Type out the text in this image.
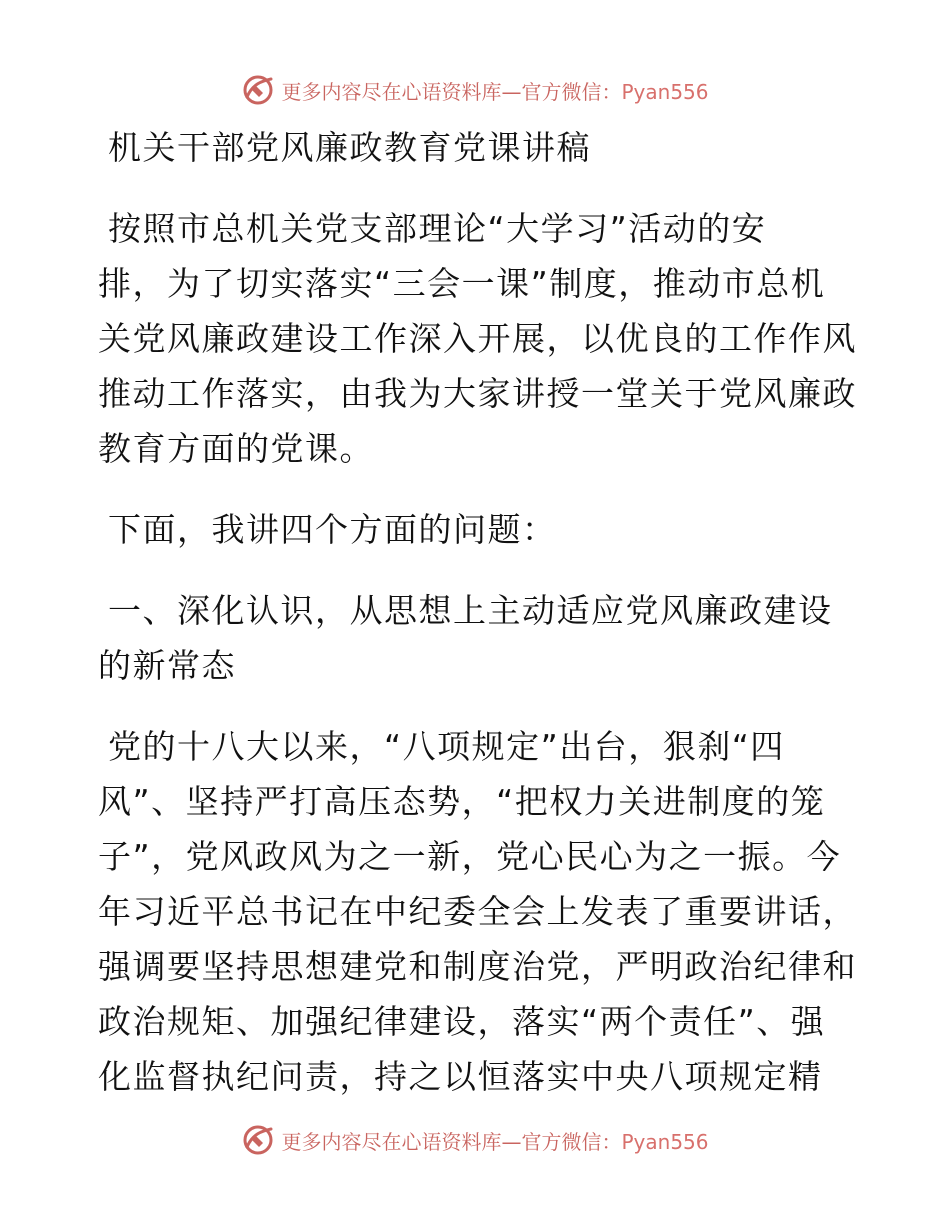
更多内容尽在心语资料库—官方微信：Pyan556
机关干部党风廉政教育党课讲稿
按照市总机关党支部理论“大学习”活动的安
排，为了切实落实“三会一课”制度，推动市总机
关党风廉政建设工作深入开展，以优良的工作作风
推动工作落实，由我为大家讲授一堂关于党风廉政
教育方面的党课。
下面，我讲四个方面的问题：
一、深化认识，从思想上主动适应党风廉政建设
的新常态
党的十八大以来，“八项规定”出台，狠刹“四
风”、坚持严打高压态势，“把权力关进制度的笼
子”，党风政风为之一新，党心民心为之一振。今
年习近平总书记在中纪委全会上发表了重要讲话，
强调要坚持思想建党和制度治党，严明政治纪律和
政治规矩、加强纪律建设，落实“两个责任”、强
化监督执纪问责，持之以恒落实中央八项规定精
更多内容尽在心语资料库—官方微信：Pyan556
